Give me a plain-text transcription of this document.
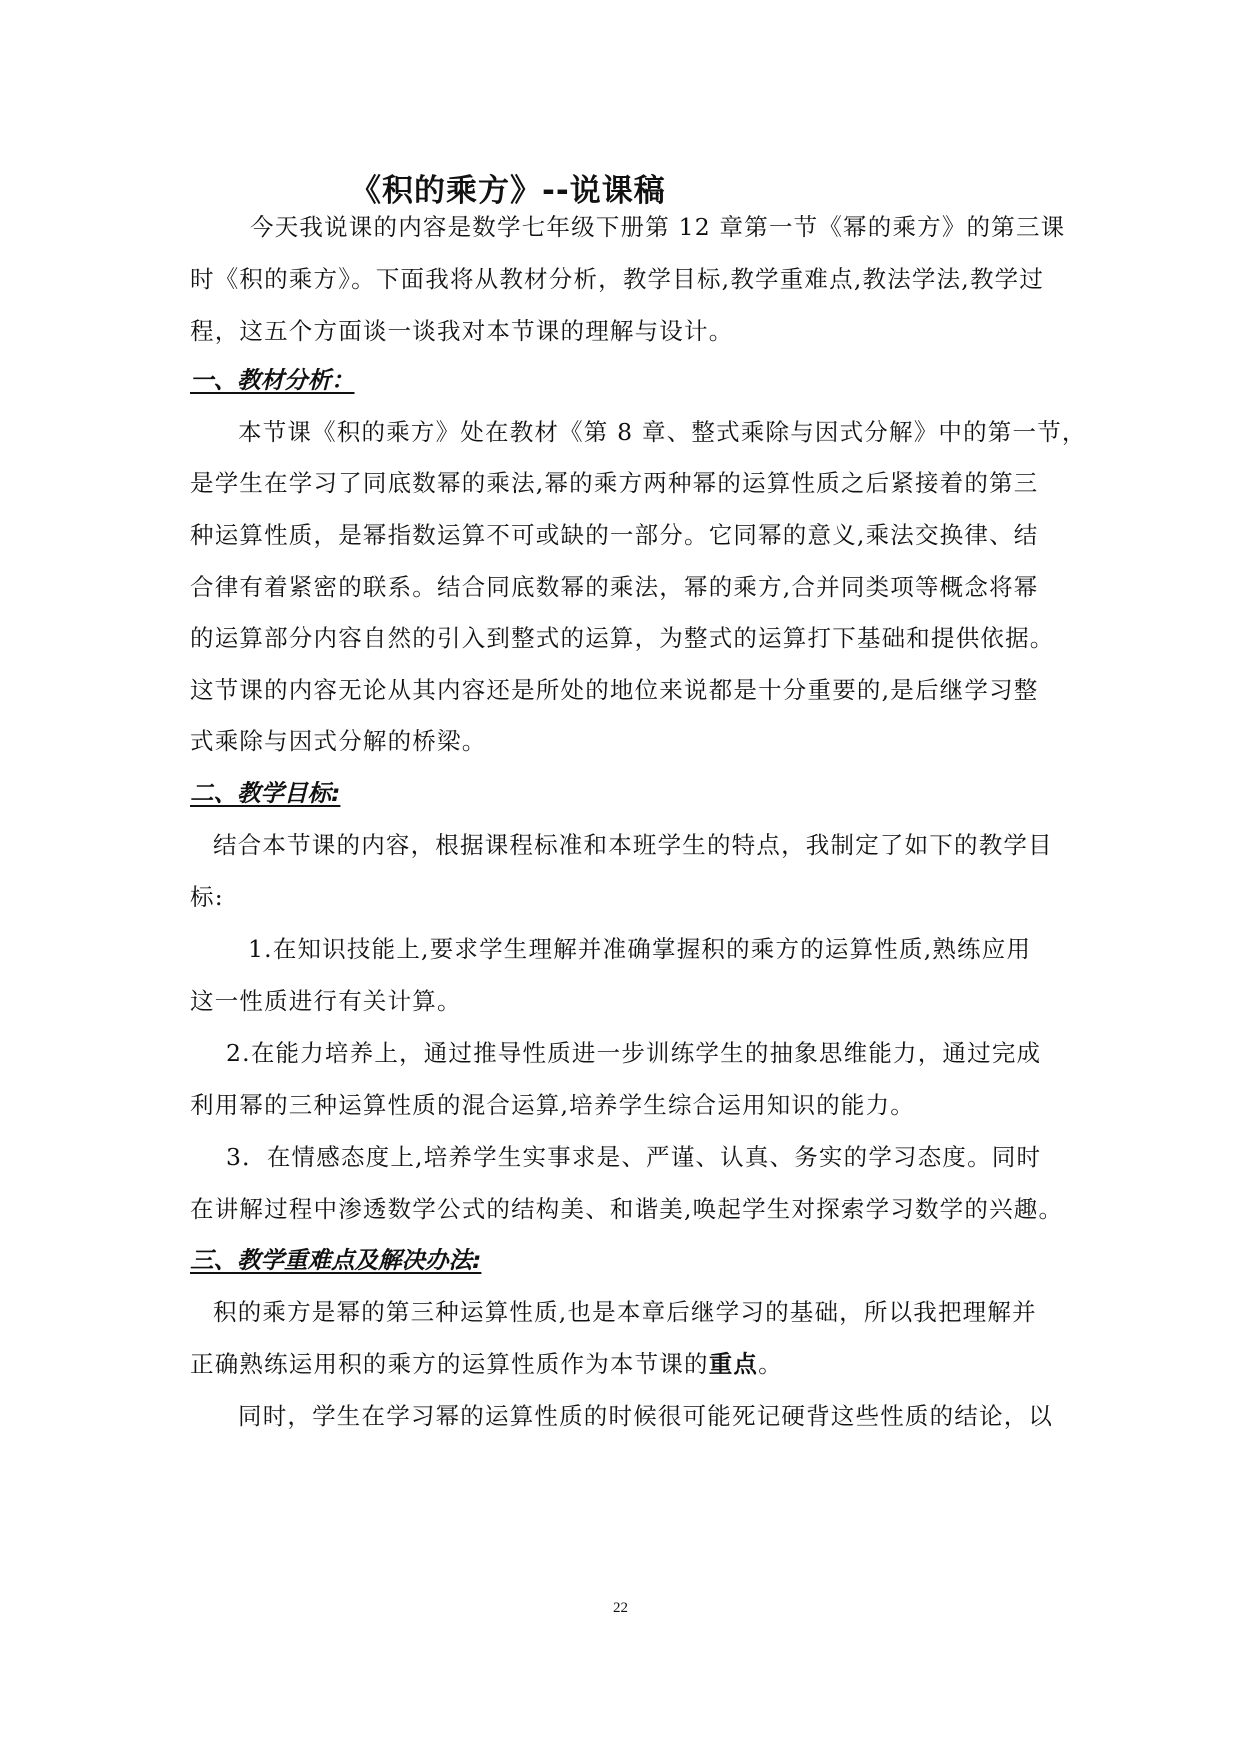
《积的乘方》--说课稿
今天我说课的内容是数学七年级下册第 12 章第一节《幂的乘方》的第三课
时《积的乘方》。下面我将从教材分析，教学目标,教学重难点,教法学法,教学过
程，这五个方面谈一谈我对本节课的理解与设计。
一、教材分析：
本节课《积的乘方》处在教材《第 8 章、整式乘除与因式分解》中的第一节，
是学生在学习了同底数幂的乘法,幂的乘方两种幂的运算性质之后紧接着的第三
种运算性质，是幂指数运算不可或缺的一部分。它同幂的意义,乘法交换律、结
合律有着紧密的联系。结合同底数幂的乘法，幂的乘方,合并同类项等概念将幂
的运算部分内容自然的引入到整式的运算，为整式的运算打下基础和提供依据。
这节课的内容无论从其内容还是所处的地位来说都是十分重要的,是后继学习整
式乘除与因式分解的桥梁。
二、教学目标:
结合本节课的内容，根据课程标准和本班学生的特点，我制定了如下的教学目
标:
1.在知识技能上,要求学生理解并准确掌握积的乘方的运算性质,熟练应用
这一性质进行有关计算。
2.在能力培养上，通过推导性质进一步训练学生的抽象思维能力，通过完成
利用幂的三种运算性质的混合运算,培养学生综合运用知识的能力。
3．在情感态度上,培养学生实事求是、严谨、认真、务实的学习态度。同时
在讲解过程中渗透数学公式的结构美、和谐美,唤起学生对探索学习数学的兴趣。
三、教学重难点及解决办法:
积的乘方是幂的第三种运算性质,也是本章后继学习的基础，所以我把理解并
正确熟练运用积的乘方的运算性质作为本节课的重点。
同时，学生在学习幂的运算性质的时候很可能死记硬背这些性质的结论，以
22
